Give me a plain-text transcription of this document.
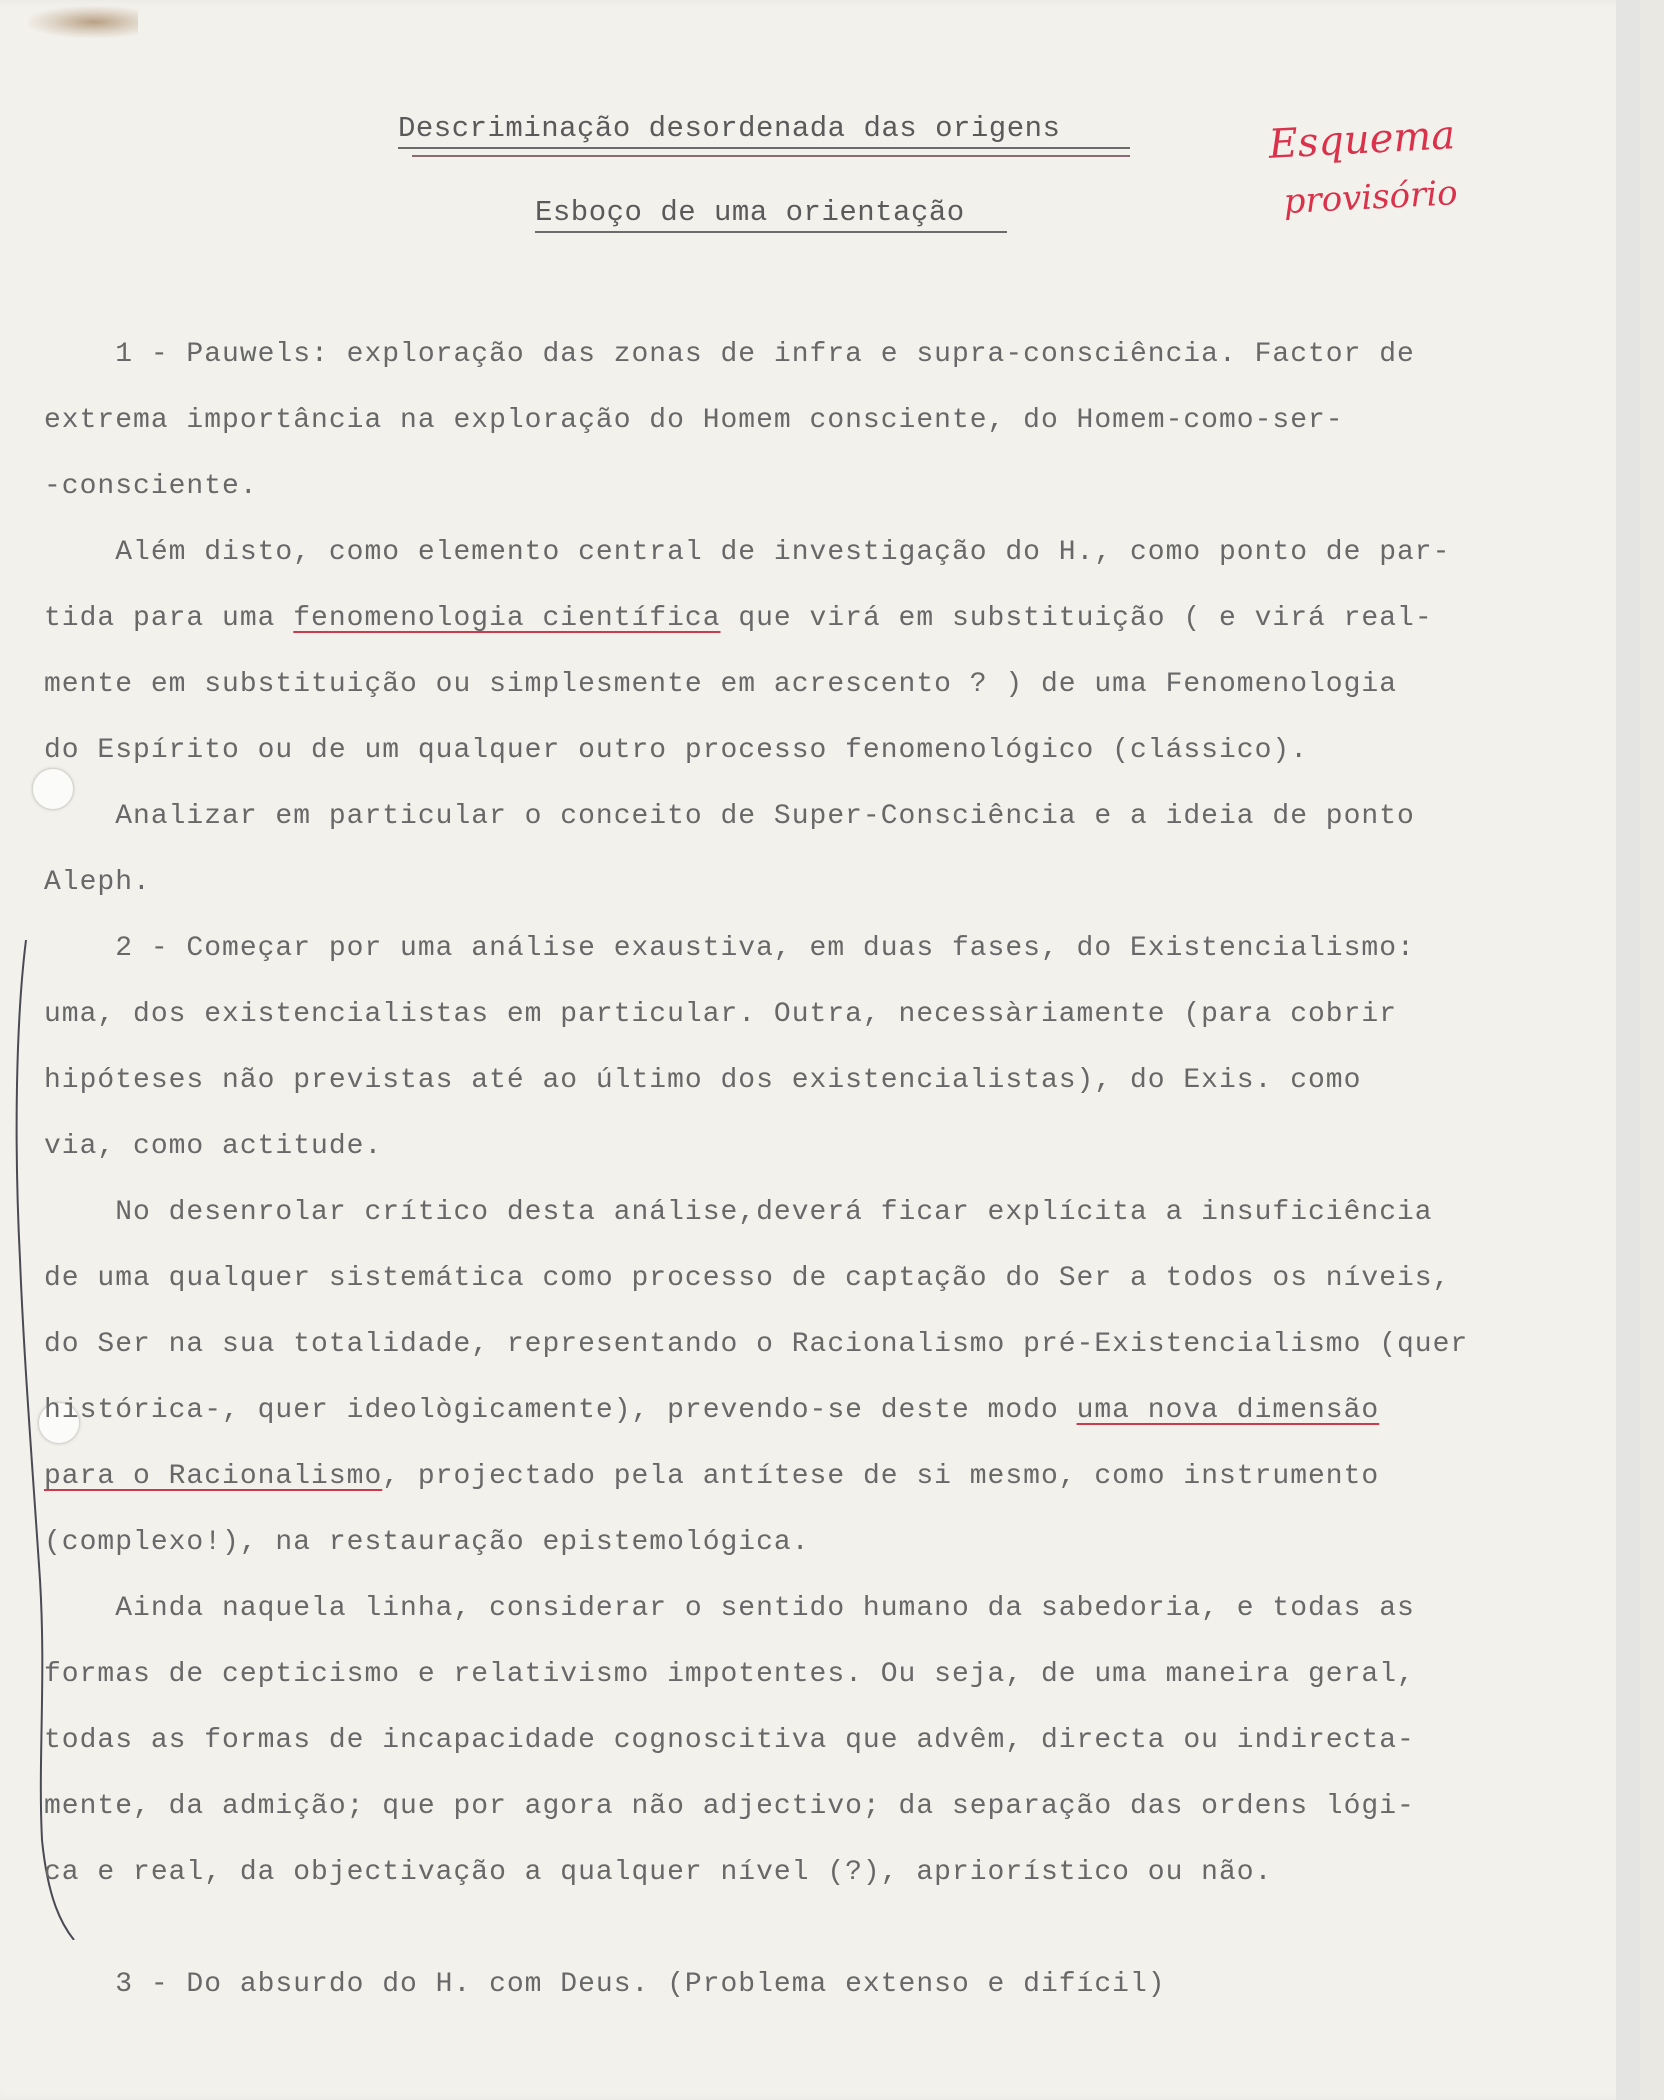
Descriminação desordenada das origens
Esboço de uma orientação
Esquema
provisório
1 - Pauwels: exploração das zonas de infra e supra-consciência. Factor de
extrema importância na exploração do Homem consciente, do Homem-como-ser-
-consciente.
Além disto, como elemento central de investigação do H., como ponto de par-
tida para uma fenomenologia científica que virá em substituição ( e virá real-
mente em substituição ou simplesmente em acrescento ? ) de uma Fenomenologia
do Espírito ou de um qualquer outro processo fenomenológico (clássico).
Analizar em particular o conceito de Super-Consciência e a ideia de ponto
Aleph.
2 - Começar por uma análise exaustiva, em duas fases, do Existencialismo:
uma, dos existencialistas em particular. Outra, necessàriamente (para cobrir
hipóteses não previstas até ao último dos existencialistas), do Exis. como
via, como actitude.
No desenrolar crítico desta análise,deverá ficar explícita a insuficiência
de uma qualquer sistemática como processo de captação do Ser a todos os níveis,
do Ser na sua totalidade, representando o Racionalismo pré-Existencialismo (quer
histórica-, quer ideològicamente), prevendo-se deste modo uma nova dimensão
para o Racionalismo, projectado pela antítese de si mesmo, como instrumento
(complexo!), na restauração epistemológica.
Ainda naquela linha, considerar o sentido humano da sabedoria, e todas as
formas de cepticismo e relativismo impotentes. Ou seja, de uma maneira geral,
todas as formas de incapacidade cognoscitiva que advêm, directa ou indirecta-
mente, da admição; que por agora não adjectivo; da separação das ordens lógi-
ca e real, da objectivação a qualquer nível (?), apriorístico ou não.
3 - Do absurdo do H. com Deus. (Problema extenso e difícil)
